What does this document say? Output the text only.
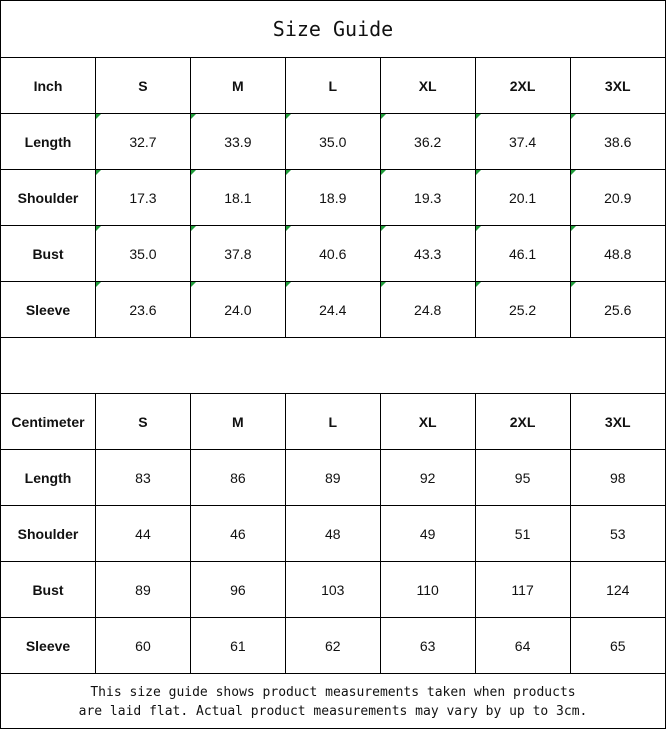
Size Guide
Inch	S	M	L	XL	2XL	3XL
Length	32.7	33.9	35.0	36.2	37.4	38.6
Shoulder	17.3	18.1	18.9	19.3	20.1	20.9
Bust	35.0	37.8	40.6	43.3	46.1	48.8
Sleeve	23.6	24.0	24.4	24.8	25.2	25.6
Centimeter	S	M	L	XL	2XL	3XL
Length	83	86	89	92	95	98
Shoulder	44	46	48	49	51	53
Bust	89	96	103	110	117	124
Sleeve	60	61	62	63	64	65
This size guide shows product measurements taken when products
are laid flat. Actual product measurements may vary by up to 3cm.
